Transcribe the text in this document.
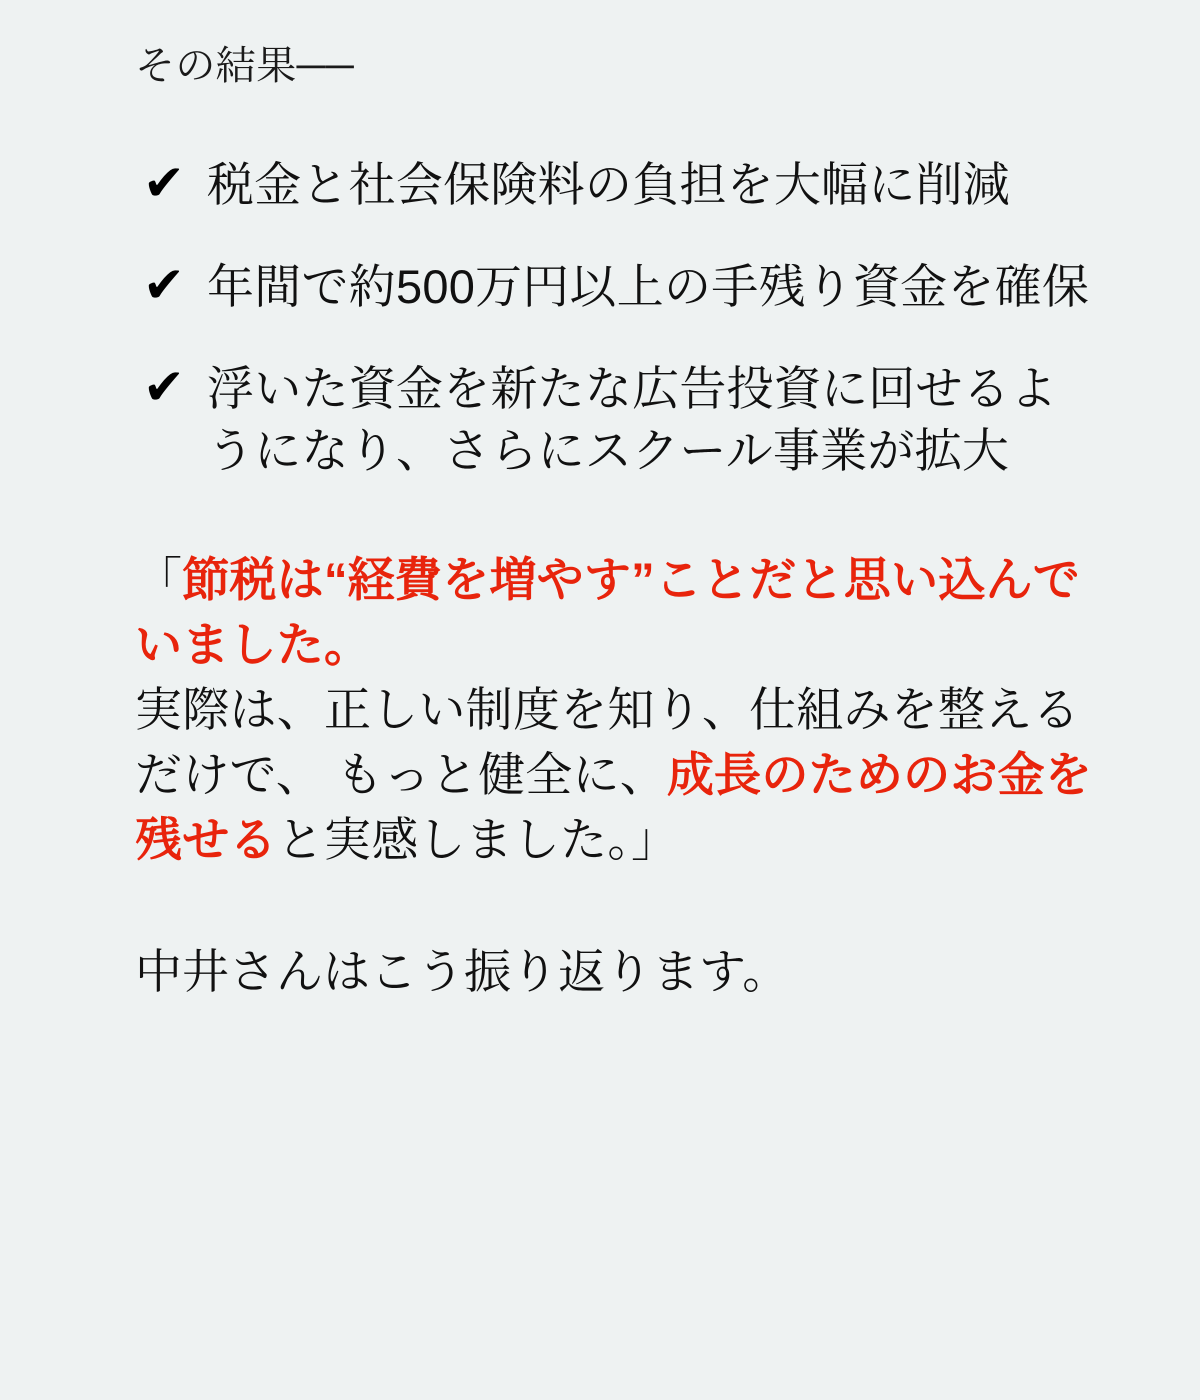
その結果──

✔ 税金と社会保険料の負担を大幅に削減
✔ 年間で約500万円以上の手残り資金を確保
✔ 浮いた資金を新たな広告投資に回せるようになり、さらにスクール事業が拡大

「節税は“経費を増やす”ことだと思い込んでいました。

実際は、正しい制度を知り、仕組みを整えるだけで、 もっと健全に、成長のためのお金を残せると実感しました。」

中井さんはこう振り返ります。
